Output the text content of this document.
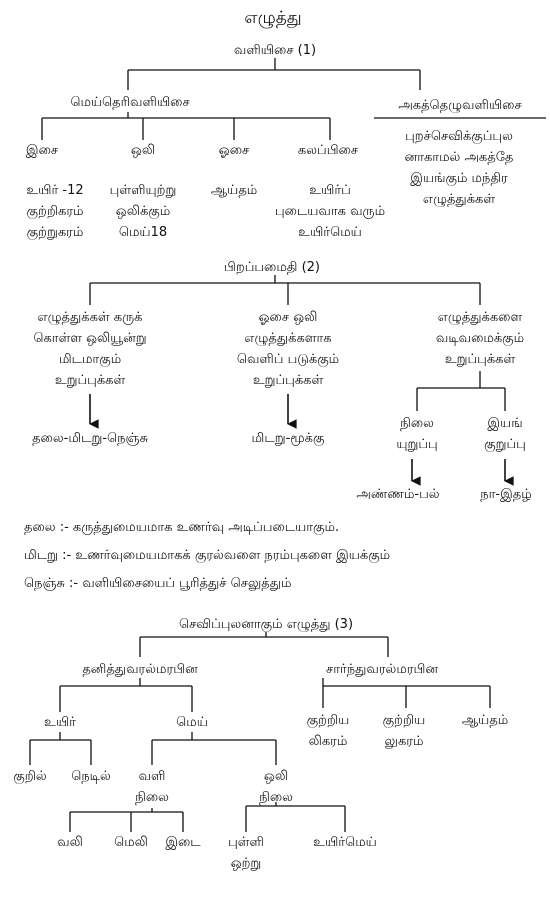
எழுத்து
வளியிசை (1)
மெய்தெரிவளியிசை	அகத்தெழுவளியிசை
இசை	ஒலி	ஓசை	கலப்பிசை
உயிர் -12
குற்றிகரம்
குற்றுகரம்
புள்ளியுற்று
ஒலிக்கும்
மெய்18
ஆய்தம்	உயிர்ப்
புடையவாக வரும்
உயிர்மெய்
புறச்செவிக்குப்புல
னாகாமல் அகத்தே
இயங்கும் மந்திர
எழுத்துக்கள்
பிறப்பமைதி (2)
எழுத்துக்கள் கருக்
கொள்ள ஒலியூன்று
மிடமாகும்
உறுப்புக்கள்
ஓசை ஒலி
எழுத்துக்களாக
வெளிப் படுக்கும்
உறுப்புக்கள்
எழுத்துக்களை
வடிவமைக்கும்
உறுப்புக்கள்
தலை-மிடறு-நெஞ்சு	மிடறு-மூக்கு
நிலை
யுறுப்பு
இயங்
குறுப்பு
அண்ணம்-பல்	நா-இதழ்
தலை :- கருத்துமையமாக உணர்வு அடிப்படையாகும்.
மிடறு :- உணர்வுமையமாகக் குரல்வளை நரம்புகளை இயக்கும்
நெஞ்சு :- வளியிசையைப் பூரித்துச் செலுத்தும்
செவிப்புலனாகும் எழுத்து (3)
தனித்துவரல்மரபின	சார்ந்துவரல்மரபின
உயிர்	மெய்	குற்றிய
லிகரம்
குற்றிய
லுகரம்
ஆய்தம்
குறில் நெடில் வளி
நிலை
ஒலி
நிலை
வலி மெலி இடை புள்ளி
ஒற்று
உயிர்மெய்
